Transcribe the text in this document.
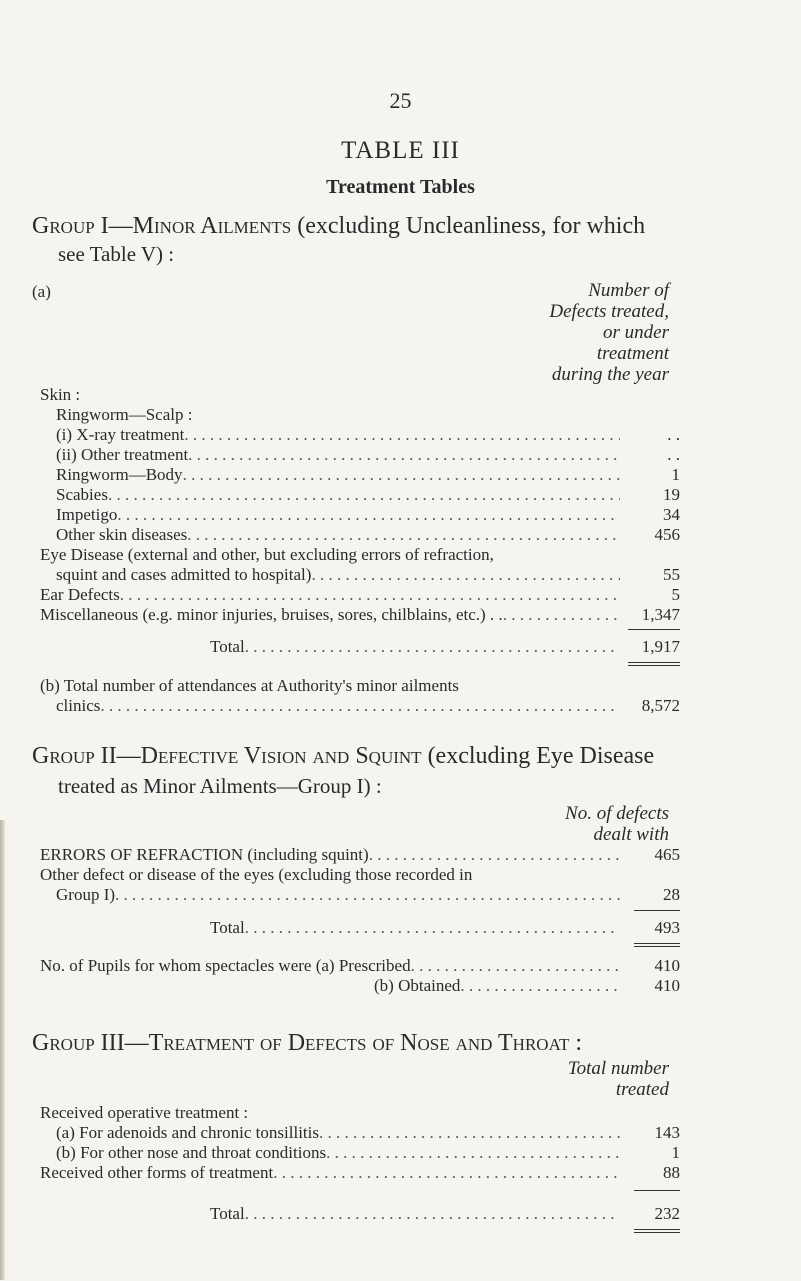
25
TABLE III
Treatment Tables
Group I—Minor Ailments (excluding Uncleanliness, for which
see Table V) :
(a)	Number of
Defects treated,
or under
treatment
during the year
Skin :
Ringworm—Scalp :
(i) X-ray treatment . . .	. .
(ii) Other treatment . . .	. .
Ringworm—Body . . .	1
Scabies . . .	19
Impetigo . . .	34
Other skin diseases . . .	456
Eye Disease (external and other, but excluding errors of refraction,
squint and cases admitted to hospital) . . .	55
Ear Defects . . .	5
Miscellaneous (e.g. minor injuries, bruises, sores, chilblains, etc.) . . . . .	1,347
Total . . .	1,917
(b) Total number of attendances at Authority's minor ailments
clinics . . .	8,572
Group II—Defective Vision and Squint (excluding Eye Disease
treated as Minor Ailments—Group I) :
No. of defects
dealt with
ERRORS OF REFRACTION (including squint) . . .	465
Other defect or disease of the eyes (excluding those recorded in
Group I) . . .	28
Total . . .	493
No. of Pupils for whom spectacles were (a) Prescribed . . .	410
(b) Obtained . . .	410
Group III—Treatment of Defects of Nose and Throat :
Total number
treated
Received operative treatment :
(a) For adenoids and chronic tonsillitis . . .	143
(b) For other nose and throat conditions . . .	1
Received other forms of treatment . . .	88
Total . . .	232
